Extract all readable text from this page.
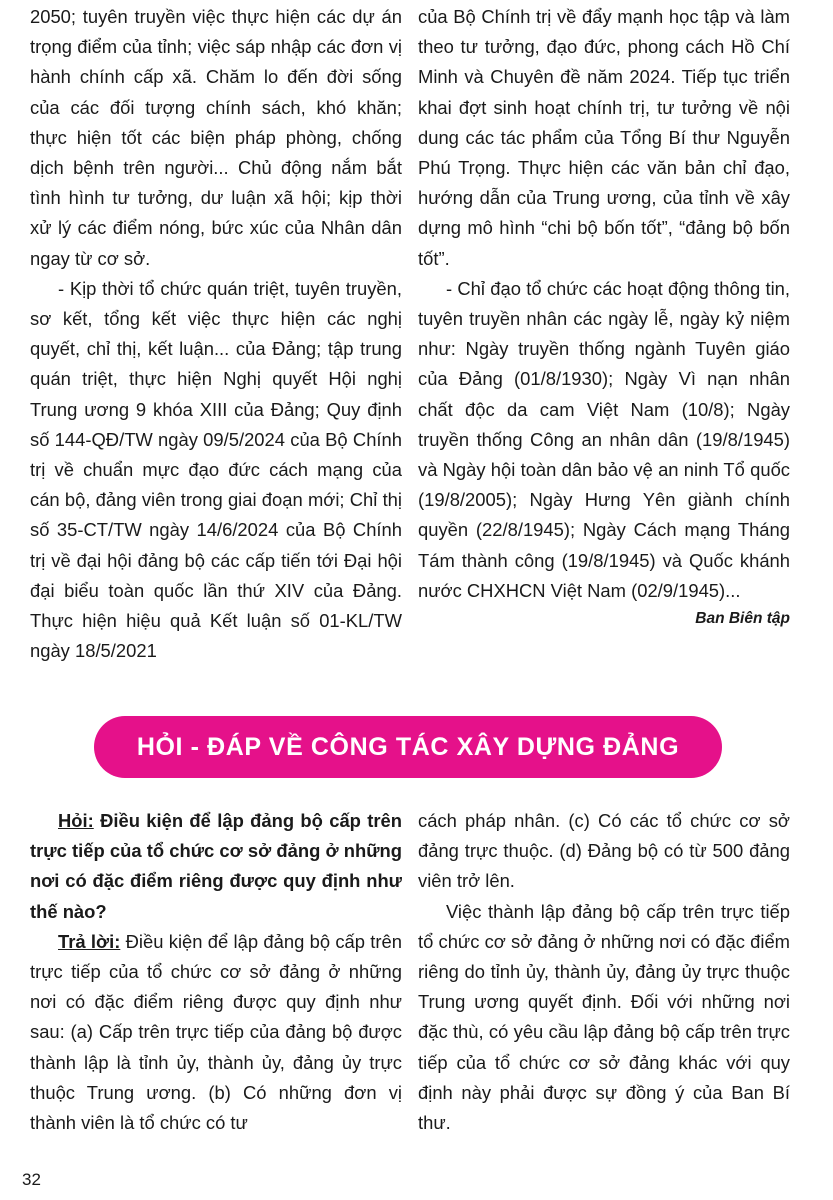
2050; tuyên truyền việc thực hiện các dự án trọng điểm của tỉnh; việc sáp nhập các đơn vị hành chính cấp xã. Chăm lo đến đời sống của các đối tượng chính sách, khó khăn; thực hiện tốt các biện pháp phòng, chống dịch bệnh trên người... Chủ động nắm bắt tình hình tư tưởng, dư luận xã hội; kịp thời xử lý các điểm nóng, bức xúc của Nhân dân ngay từ cơ sở.

- Kịp thời tổ chức quán triệt, tuyên truyền, sơ kết, tổng kết việc thực hiện các nghị quyết, chỉ thị, kết luận... của Đảng; tập trung quán triệt, thực hiện Nghị quyết Hội nghị Trung ương 9 khóa XIII của Đảng; Quy định số 144-QĐ/TW ngày 09/5/2024 của Bộ Chính trị về chuẩn mực đạo đức cách mạng của cán bộ, đảng viên trong giai đoạn mới; Chỉ thị số 35-CT/TW ngày 14/6/2024 của Bộ Chính trị về đại hội đảng bộ các cấp tiến tới Đại hội đại biểu toàn quốc lần thứ XIV của Đảng. Thực hiện hiệu quả Kết luận số 01-KL/TW ngày 18/5/2021

của Bộ Chính trị về đẩy mạnh học tập và làm theo tư tưởng, đạo đức, phong cách Hồ Chí Minh và Chuyên đề năm 2024. Tiếp tục triển khai đợt sinh hoạt chính trị, tư tưởng về nội dung các tác phẩm của Tổng Bí thư Nguyễn Phú Trọng. Thực hiện các văn bản chỉ đạo, hướng dẫn của Trung ương, của tỉnh về xây dựng mô hình “chi bộ bốn tốt”, “đảng bộ bốn tốt”.

- Chỉ đạo tổ chức các hoạt động thông tin, tuyên truyền nhân các ngày lễ, ngày kỷ niệm như: Ngày truyền thống ngành Tuyên giáo của Đảng (01/8/1930); Ngày Vì nạn nhân chất độc da cam Việt Nam (10/8); Ngày truyền thống Công an nhân dân (19/8/1945) và Ngày hội toàn dân bảo vệ an ninh Tổ quốc (19/8/2005); Ngày Hưng Yên giành chính quyền (22/8/1945); Ngày Cách mạng Tháng Tám thành công (19/8/1945) và Quốc khánh nước CHXHCN Việt Nam (02/9/1945)...

Ban Biên tập

HỎI - ĐÁP VỀ CÔNG TÁC XÂY DỰNG ĐẢNG

Hỏi: Điều kiện để lập đảng bộ cấp trên trực tiếp của tổ chức cơ sở đảng ở những nơi có đặc điểm riêng được quy định như thế nào?

Trả lời: Điều kiện để lập đảng bộ cấp trên trực tiếp của tổ chức cơ sở đảng ở những nơi có đặc điểm riêng được quy định như sau: (a) Cấp trên trực tiếp của đảng bộ được thành lập là tỉnh ủy, thành ủy, đảng ủy trực thuộc Trung ương. (b) Có những đơn vị thành viên là tổ chức có tư

cách pháp nhân. (c) Có các tổ chức cơ sở đảng trực thuộc. (d) Đảng bộ có từ 500 đảng viên trở lên.

Việc thành lập đảng bộ cấp trên trực tiếp tổ chức cơ sở đảng ở những nơi có đặc điểm riêng do tỉnh ủy, thành ủy, đảng ủy trực thuộc Trung ương quyết định. Đối với những nơi đặc thù, có yêu cầu lập đảng bộ cấp trên trực tiếp của tổ chức cơ sở đảng khác với quy định này phải được sự đồng ý của Ban Bí thư.

32
